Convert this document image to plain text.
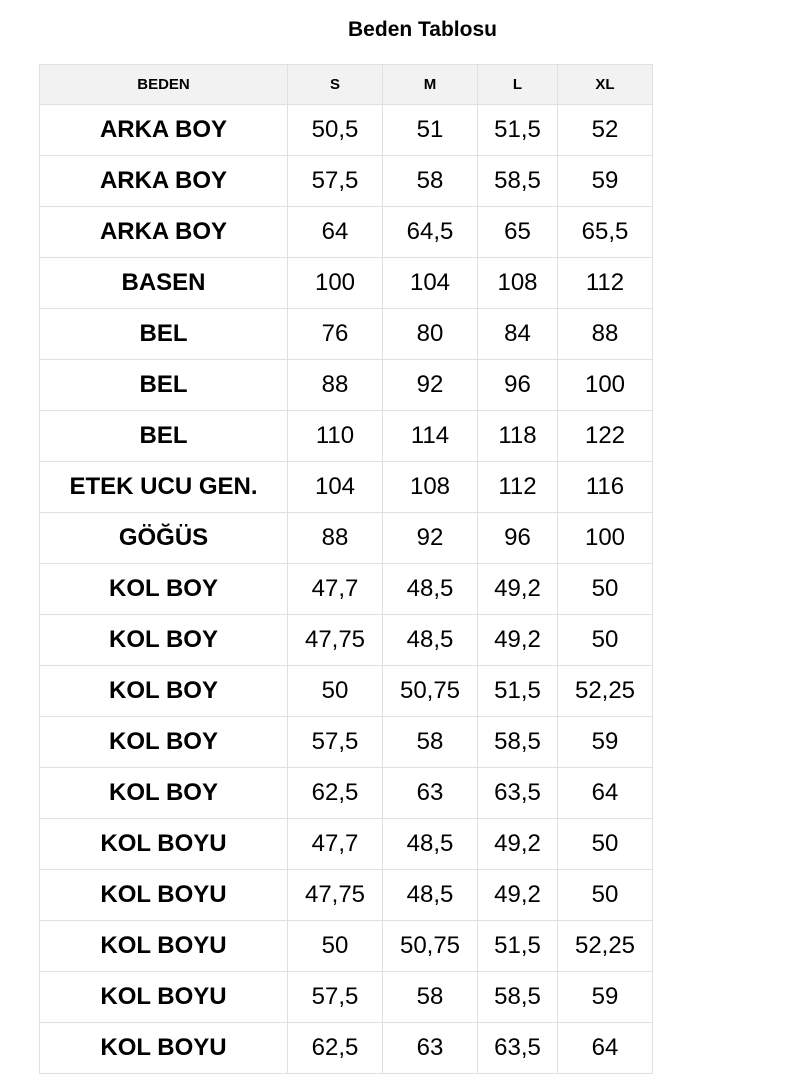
Beden Tablosu
BEDEN	S	M	L	XL
ARKA BOY	50,5	51	51,5	52
ARKA BOY	57,5	58	58,5	59
ARKA BOY	64	64,5	65	65,5
BASEN	100	104	108	112
BEL	76	80	84	88
BEL	88	92	96	100
BEL	110	114	118	122
ETEK UCU GEN.	104	108	112	116
GÖĞÜS	88	92	96	100
KOL BOY	47,7	48,5	49,2	50
KOL BOY	47,75	48,5	49,2	50
KOL BOY	50	50,75	51,5	52,25
KOL BOY	57,5	58	58,5	59
KOL BOY	62,5	63	63,5	64
KOL BOYU	47,7	48,5	49,2	50
KOL BOYU	47,75	48,5	49,2	50
KOL BOYU	50	50,75	51,5	52,25
KOL BOYU	57,5	58	58,5	59
KOL BOYU	62,5	63	63,5	64
